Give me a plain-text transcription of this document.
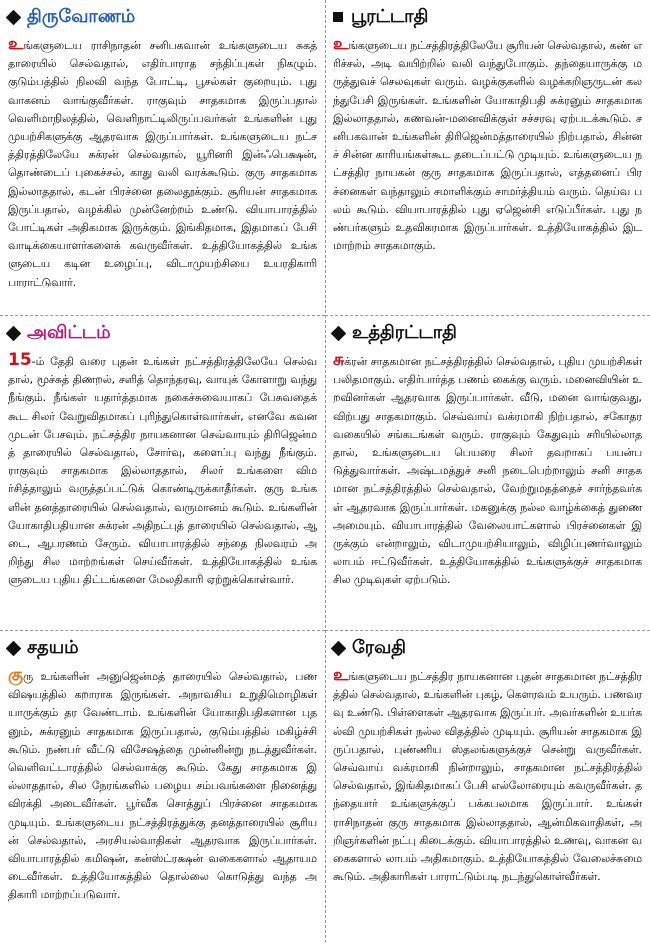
திருவோணம்
உங்களுடைய ராசிநாதன் சனிபகவான் உங்களுடைய சுகத் தாரையில் செல்வதால், எதிர்பாராத சந்திப்புகள் நிகழும். குடும்பத்தில் நிலவி வந்த போட்டி, பூசல்கள் குறையும். புது வாகனம் வாங்குவீர்கள். ராகுவும் சாதகமாக இருப்பதால் வெளிமாநிலத்தில், வெளிநாட்டிலிருப்பவர்கள் உங்களின் புது முயற்சிகளுக்கு ஆதரவாக இருப்பார்கள். உங்களுடைய நட்சத்திரத்திலேயே சுக்ரன் செல்வதால், யூரினரி இன்ஃபெக்ஷன், தொண்டைப் புகைச்சல், காது வலி வரக்கூடும். குரு சாதகமாக இல்லாததால், கடன் பிரச்னை தலைதூக்கும். சூரியன் சாதகமாக இருப்பதால், வழக்கில் முன்னேற்றம் உண்டு. வியாபாரத்தில் போட்டிகள் அதிகமாக இருக்கும். இங்கிதமாக, இதமாகப் பேசி வாடிக்கையாளர்களைக் கவருவீர்கள். உத்தியோகத்தில் உங்களுடைய கடின உழைப்பு, விடாமுயற்சியை உயரதிகாரி பாராட்டுவார்.
பூரட்டாதி
உங்களுடைய நட்சத்திரத்திலேயே சூரியன் செல்வதால், கண் எரிச்சல், அடி வயிற்றில் வலி வந்துபோகும். தந்தையாருக்கு மருத்துவச் செலவுகள் வரும். வழக்குகளில் வழக்கறிஞருடன் கலந்துபேசி இருங்கள். உங்களின் யோகாதிபதி சுக்ரனும் சாதகமாக இல்லாததால், கணவன்-மனைவிக்குள் சச்சரவு ஏற்படக்கூடும். சனிபகவான் உங்களின் திரிஜென்மத்தாரையில் நிற்பதால், சின்னச் சின்ன காரியங்கள்கூட தடைப்பட்டு முடியும். உங்களுடைய நட்சத்திர நாயகன் குரு சாதகமாக இருப்பதால், எத்தனைப் பிரச்னைகள் வந்தாலும் சமாளிக்கும் சாமர்த்தியம் வரும். தெய்வ பலம் கூடும். வியாபாரத்தில் புது ஏஜென்சி எடுப்பீர்கள். புது நண்பர்களும் உதவிகரமாக இருப்பார்கள். உத்தியோகத்தில் இடமாற்றம் சாதகமாகும்.
அவிட்டம்
15-ம் தேதி வரை புதன் உங்கள் நட்சத்திரத்திலேயே செல்வதால், மூச்சுத் திணறல், சளித் தொந்தரவு, வாயுக் கோளாறு வந்து நீங்கும். நீங்கள் யதார்த்தமாக நகைச்சுவையாகப் பேசுவதைக் கூட சிலர் வேறுவிதமாகப் புரிந்துகொள்வார்கள், எனவே கவனமுடன் பேசவும். நட்சத்திர நாயகனான செவ்வாயும் திரிஜென்மத் தாரையில் செல்வதால், சோர்வு, களைப்பு வந்து நீங்கும். ராகுவும் சாதகமாக இல்லாததால், சிலர் உங்களை விமர்சித்தாலும் வருத்தப்பட்டுக் கொண்டிருக்காதீர்கள். குரு உங்களின் தனத்தாரையில் செல்வதால், வருமானம் கூடும். உங்களின் யோகாதிபதியான சுக்ரன் அதிநட்புத் தாரையில் செல்வதால், ஆடை, ஆபரணம் சேரும். வியாபாரத்தில் சந்தை நிலவரம் அறிந்து சில மாற்றங்கள் செய்வீர்கள். உத்தியோகத்தில் உங்களுடைய புதிய திட்டங்களை மேலதிகாரி ஏற்றுக்கொள்வார்.
உத்திரட்டாதி
சுக்ரன் சாதகமான நட்சத்திரத்தில் செல்வதால், புதிய முயற்சிகள் பலிதமாகும். எதிர்பார்த்த பணம் கைக்கு வரும். மனைவியின் உறவினர்கள் ஆதரவாக இருப்பார்கள். வீடு, மனை வாங்குவது, விற்பது சாதகமாகும். செவ்வாய் வக்ரமாகி நிற்பதால், சகோதர வகையில் சங்கடங்கள் வரும். ராகுவும் கேதுவும் சரியில்லாததால், உங்களுடைய பெயரை சிலர் தவறாகப் பயன்படுத்துவார்கள். அஷ்டமத்துச் சனி நடைபெற்றாலும் சனி சாதகமான நட்சத்திரத்தில் செல்வதால், வேற்றுமதத்தைச் சார்ந்தவர்கள் ஆதரவாக இருப்பார்கள். மகனுக்கு நல்ல வாழ்க்கைத் துணை அமையும். வியாபாரத்தில் வேலையாட்களால் பிரச்னைகள் இருக்கும் என்றாலும், விடாமுயற்சியாலும், விழிப்புணர்வாலும் லாபம் ஈட்டுவீர்கள். உத்தியோகத்தில் உங்களுக்குச் சாதகமாக சில முடிவுகள் ஏற்படும்.
சதயம்
குரு உங்களின் அனுஜென்மத் தாரையில் செல்வதால், பண விஷயத்தில் கறாராக இருங்கள். அநாவசிய உறுதிமொழிகள் யாருக்கும் தர வேண்டாம். உங்களின் யோகாதிபதிகளான புதனும், சுக்ரனும் சாதகமாக இருப்பதால், குடும்பத்தில் மகிழ்ச்சி கூடும். நண்பர் வீட்டு விசேஷத்தை முன்னின்று நடத்துவீர்கள். வெளிவட்டாரத்தில் செல்வாக்கு கூடும். கேது சாதகமாக இல்லாததால், சில நேரங்களில் பழைய சம்பவங்களை நினைத்து விரக்தி அடைவீர்கள். பூர்வீக சொத்துப் பிரச்னை சாதகமாக முடியும். உங்களுடைய நட்சத்திரத்துக்கு தனத்தாரையில் சூரியன் செல்வதால், அரசியல்வாதிகள் ஆதரவாக இருப்பார்கள். வியாபாரத்தில் கமிஷன், கன்ஸ்ட்ரக்ஷன் வகைகளால் ஆதாயமடைவீர்கள். உத்தியோகத்தில் தொல்லை கொடுத்து வந்த அதிகாரி மாற்றப்படுவார்.
ரேவதி
உங்களுடைய நட்சத்திர நாயகனான புதன் சாதகமான நட்சத்திரத்தில் செல்வதால், உங்களின் புகழ், கௌரவம் உயரும். பணவரவு உண்டு. பிள்ளைகள் ஆதரவாக இருப்பர். அவர்களின் உயர்கல்வி முயற்சிகள் நல்ல விதத்தில் முடியும். சூரியன் சாதகமாக இருப்பதால், புண்ணிய ஸ்தலங்களுக்குச் சென்று வருவீர்கள். செவ்வாய் வக்ரமாகி நின்றாலும், சாதகமான நட்சத்திரத்தில் செல்வதால், இங்கிதமாகப் பேசி எல்லோரையும் கவருவீர்கள். தந்தையார் உங்களுக்குப் பக்கபலமாக இருப்பார். உங்கள் ராசிநாதன் குரு சாதகமாக இல்லாததால், ஆன்மிகவாதிகள், அறிஞர்களின் நட்பு கிடைக்கும். வியாபாரத்தில் உணவு, வாகன வகைகளால் லாபம் அதிகமாகும். உத்தியோகத்தில் வேலைச்சுமை கூடும். அதிகாரிகள் பாராட்டும்படி நடந்துகொள்வீர்கள்.
